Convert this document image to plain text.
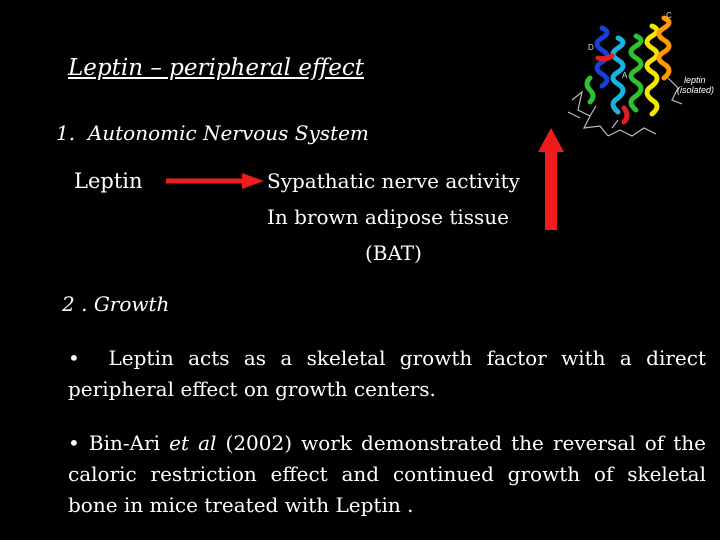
Leptin – peripheral effect
1. Autonomic Nervous System
Leptin	Sypathatic nerve activity
In brown adipose tissue
(BAT)
C
D
A	leptin
(isolated)
2 . Growth
•  Leptin acts as a skeletal growth factor with a direct peripheral effect on growth centers.
• Bin-Ari et al (2002) work demonstrated the reversal of the caloric restriction effect and continued growth of skeletal bone in mice treated with Leptin .
